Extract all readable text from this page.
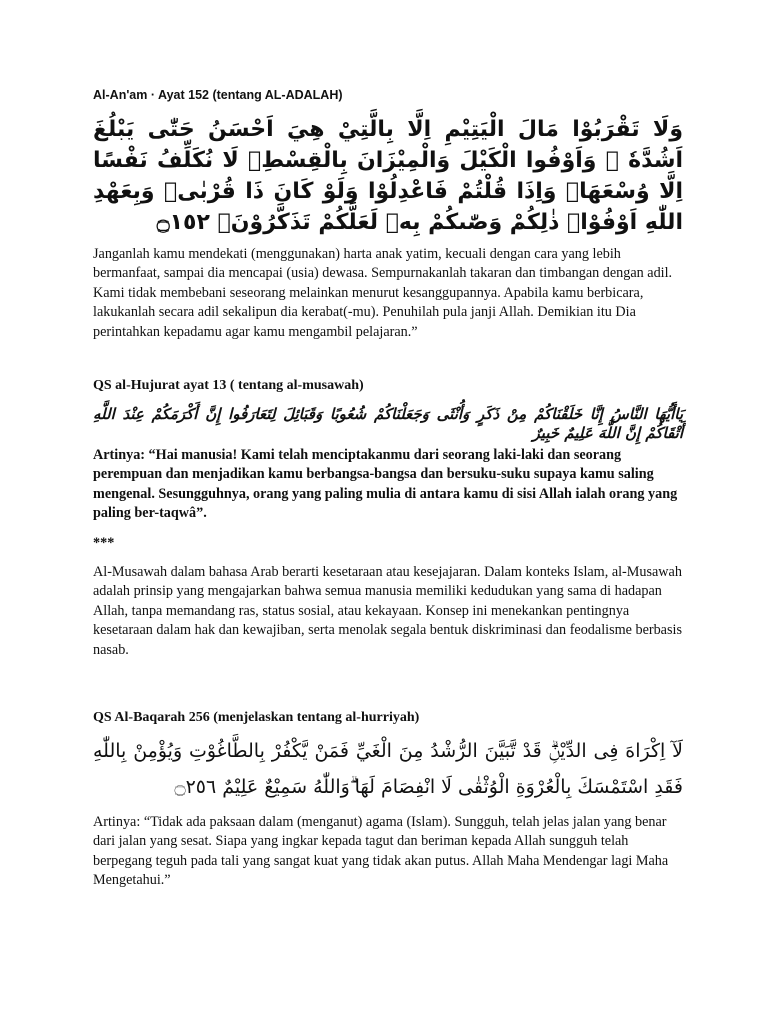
Al-An'am · Ayat 152 (tentang AL-ADALAH)
وَلَا تَقْرَبُوْا مَالَ الْيَتِيْمِ اِلَّا بِالَّتِيْ هِيَ اَحْسَنُ حَتّٰى يَبْلُغَ اَشُدَّهٗ ۚ وَاَوْفُوا الْكَيْلَ وَالْمِيْزَانَ بِالْقِسْطِۚ لَا نُكَلِّفُ نَفْسًا اِلَّا وُسْعَهَاۚ وَاِذَا قُلْتُمْ فَاعْدِلُوْا وَلَوْ كَانَ ذَا قُرْبٰىۚ وَبِعَهْدِ اللّٰهِ اَوْفُوْاۗ ذٰلِكُمْ وَصّٰىكُمْ بِهٖ لَعَلَّكُمْ تَذَكَّرُوْنَۙ ۝١٥٢
Janganlah kamu mendekati (menggunakan) harta anak yatim, kecuali dengan cara yang lebih bermanfaat, sampai dia mencapai (usia) dewasa. Sempurnakanlah takaran dan timbangan dengan adil. Kami tidak membebani seseorang melainkan menurut kesanggupannya. Apabila kamu berbicara, lakukanlah secara adil sekalipun dia kerabat(-mu). Penuhilah pula janji Allah. Demikian itu Dia perintahkan kepadamu agar kamu mengambil pelajaran.”
QS al-Hujurat ayat 13 ( tentang al-musawah)
يَاأَيُّهَا النَّاسُ إِنَّا خَلَقْنَاكُمْ مِنْ ذَكَرٍ وَأُنْثَى وَجَعَلْنَاكُمْ شُعُوبًا وَقَبَائِلَ لِتَعَارَفُوا إِنَّ أَكْرَمَكُمْ عِنْدَ اللَّهِ أَتْقَاكُمْ إِنَّ اللَّهَ عَلِيمٌ خَبِيرٌ
Artinya: “Hai manusia! Kami telah menciptakanmu dari seorang laki-laki dan seorang perempuan dan menjadikan kamu berbangsa-bangsa dan bersuku-suku supaya kamu saling mengenal. Sesungguhnya, orang yang paling mulia di antara kamu di sisi Allah ialah orang yang paling ber-taqwâ”.
***
Al-Musawah dalam bahasa Arab berarti kesetaraan atau kesejajaran. Dalam konteks Islam, al-Musawah adalah prinsip yang mengajarkan bahwa semua manusia memiliki kedudukan yang sama di hadapan Allah, tanpa memandang ras, status sosial, atau kekayaan. Konsep ini menekankan pentingnya kesetaraan dalam hak dan kewajiban, serta menolak segala bentuk diskriminasi dan feodalisme berbasis nasab.
QS Al-Baqarah 256 (menjelaskan tentang al-hurriyah)
لَآ اِكْرَاهَ فِى الدِّيْنِۗ قَدْ تَّبَيَّنَ الرُّشْدُ مِنَ الْغَيِّ فَمَنْ يَّكْفُرْ بِالطَّاغُوْتِ وَيُؤْمِنْ بِاللّٰهِ فَقَدِ اسْتَمْسَكَ بِالْعُرْوَةِ الْوُثْقٰى لَا انْفِصَامَ لَهَا ۗوَاللّٰهُ سَمِيْعٌ عَلِيْمٌ ۝٢٥٦
Artinya: “Tidak ada paksaan dalam (menganut) agama (Islam). Sungguh, telah jelas jalan yang benar dari jalan yang sesat. Siapa yang ingkar kepada tagut dan beriman kepada Allah sungguh telah berpegang teguh pada tali yang sangat kuat yang tidak akan putus. Allah Maha Mendengar lagi Maha Mengetahui.”
